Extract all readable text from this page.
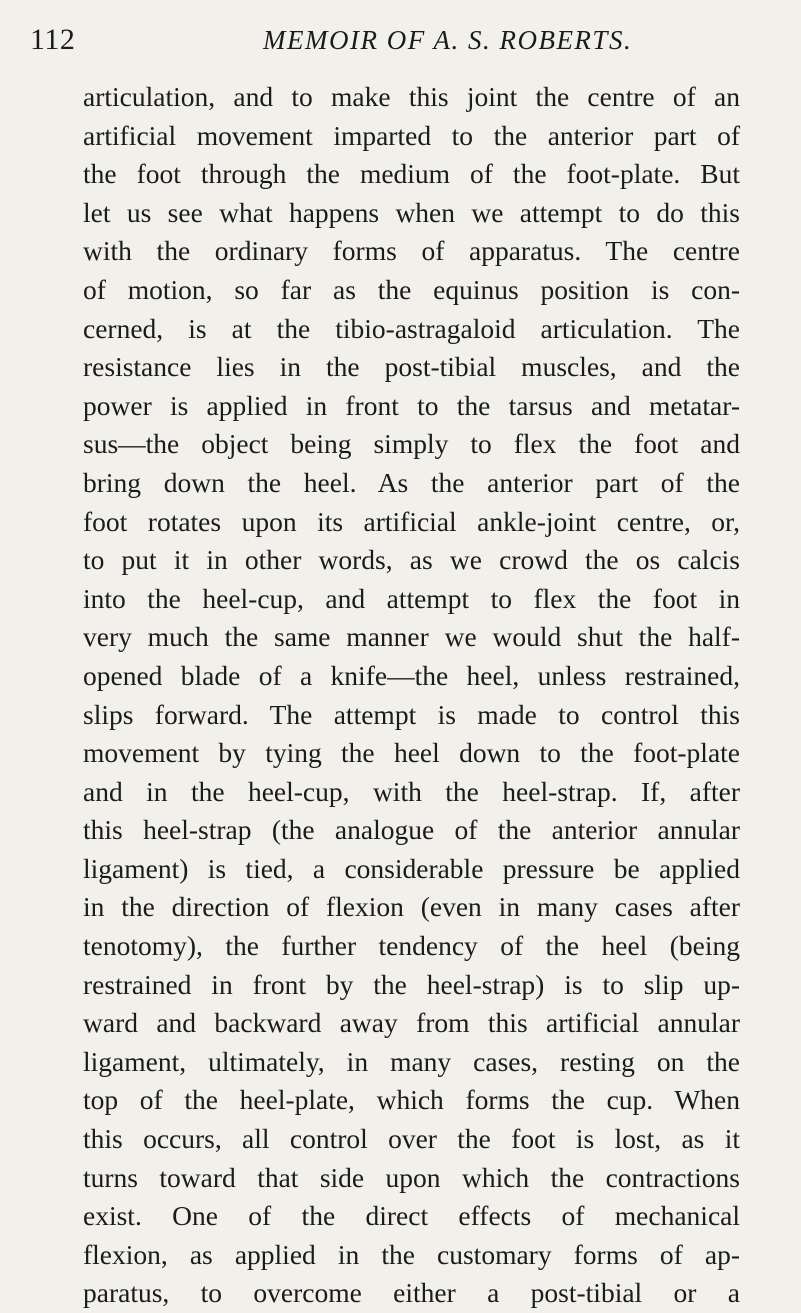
112	MEMOIR OF A. S. ROBERTS.
articulation, and to make this joint the centre of an
artificial movement imparted to the anterior part of
the foot through the medium of the foot-plate. But
let us see what happens when we attempt to do this
with the ordinary forms of apparatus. The centre
of motion, so far as the equinus position is con-
cerned, is at the tibio-astragaloid articulation. The
resistance lies in the post-tibial muscles, and the
power is applied in front to the tarsus and metatar-
sus—the object being simply to flex the foot and
bring down the heel. As the anterior part of the
foot rotates upon its artificial ankle-joint centre, or,
to put it in other words, as we crowd the os calcis
into the heel-cup, and attempt to flex the foot in
very much the same manner we would shut the half-
opened blade of a knife—the heel, unless restrained,
slips forward. The attempt is made to control this
movement by tying the heel down to the foot-plate
and in the heel-cup, with the heel-strap. If, after
this heel-strap (the analogue of the anterior annular
ligament) is tied, a considerable pressure be applied
in the direction of flexion (even in many cases after
tenotomy), the further tendency of the heel (being
restrained in front by the heel-strap) is to slip up-
ward and backward away from this artificial annular
ligament, ultimately, in many cases, resting on the
top of the heel-plate, which forms the cup. When
this occurs, all control over the foot is lost, as it
turns toward that side upon which the contractions
exist. One of the direct effects of mechanical
flexion, as applied in the customary forms of ap-
paratus, to overcome either a post-tibial or a
